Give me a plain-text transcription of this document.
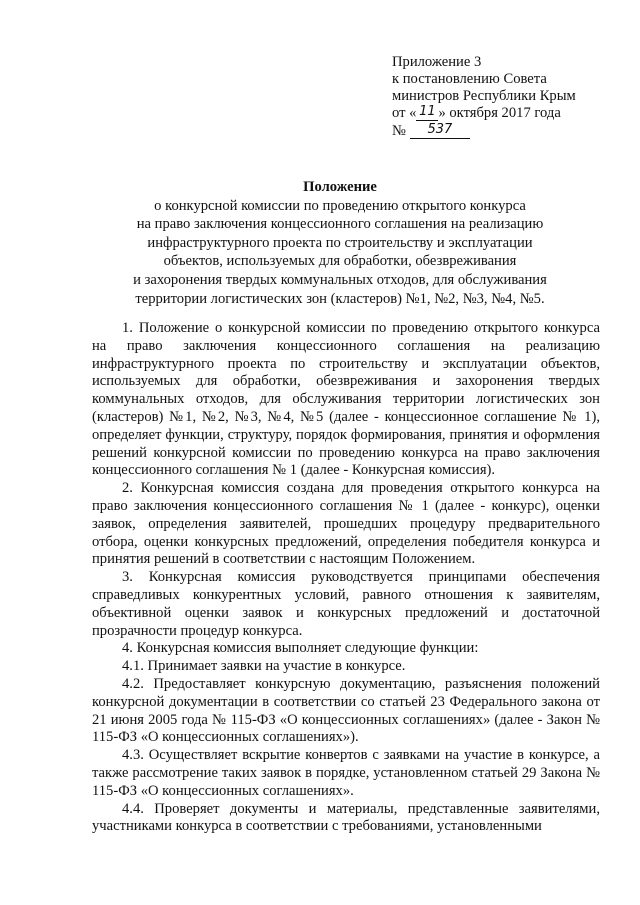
Приложение 3
к постановлению Совета
министров Республики Крым
от « 11 » октября 2017 года
№ 537
Положение
о конкурсной комиссии по проведению открытого конкурса
на право заключения концессионного соглашения на реализацию
инфраструктурного проекта по строительству и эксплуатации
объектов, используемых для обработки, обезвреживания
и захоронения твердых коммунальных отходов, для обслуживания
территории логистических зон (кластеров) №1, №2, №3, №4, №5.

1. Положение о конкурсной комиссии по проведению открытого конкурса на право заключения концессионного соглашения на реализацию инфраструктурного проекта по строительству и эксплуатации объектов, используемых для обработки, обезвреживания и захоронения твердых коммунальных отходов, для обслуживания территории логистических зон (кластеров) №1, №2, №3, №4, №5 (далее - концессионное соглашение № 1), определяет функции, структуру, порядок формирования, принятия и оформления решений конкурсной комиссии по проведению конкурса на право заключения концессионного соглашения № 1 (далее - Конкурсная комиссия).

2. Конкурсная комиссия создана для проведения открытого конкурса на право заключения концессионного соглашения № 1 (далее - конкурс), оценки заявок, определения заявителей, прошедших процедуру предварительного отбора, оценки конкурсных предложений, определения победителя конкурса и принятия решений в соответствии с настоящим Положением.

3. Конкурсная комиссия руководствуется принципами обеспечения справедливых конкурентных условий, равного отношения к заявителям, объективной оценки заявок и конкурсных предложений и достаточной прозрачности процедур конкурса.

4. Конкурсная комиссия выполняет следующие функции:

4.1. Принимает заявки на участие в конкурсе.

4.2. Предоставляет конкурсную документацию, разъяснения положений конкурсной документации в соответствии со статьей 23 Федерального закона от 21 июня 2005 года № 115-ФЗ «О концессионных соглашениях» (далее - Закон № 115-ФЗ «О концессионных соглашениях»).

4.3. Осуществляет вскрытие конвертов с заявками на участие в конкурсе, а также рассмотрение таких заявок в порядке, установленном статьей 29 Закона № 115-ФЗ «О концессионных соглашениях».

4.4. Проверяет документы и материалы, представленные заявителями, участниками конкурса в соответствии с требованиями, установленными
